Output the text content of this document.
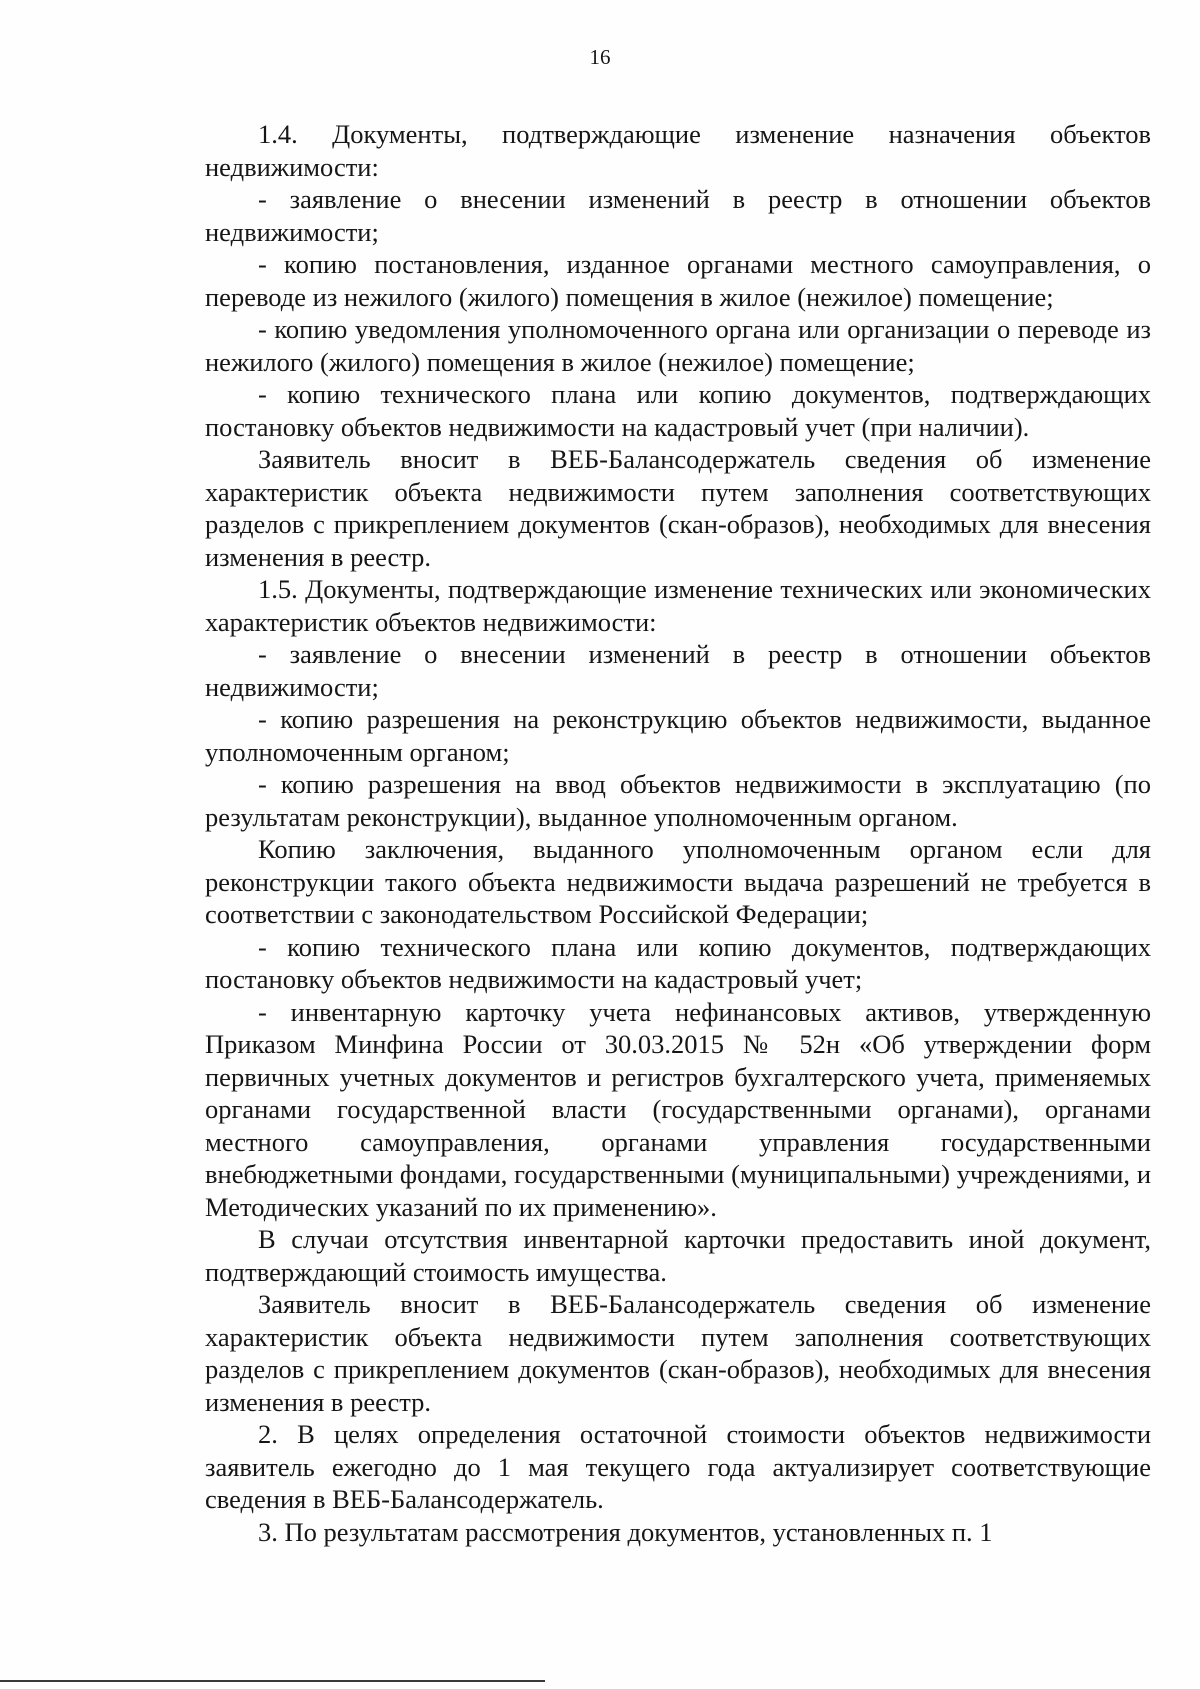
16

1.4. Документы, подтверждающие изменение назначения объектов недвижимости:

- заявление о внесении изменений в реестр в отношении объектов недвижимости;

- копию постановления, изданное органами местного самоуправления, о переводе из нежилого (жилого) помещения в жилое (нежилое) помещение;

- копию уведомления уполномоченного органа или организации о переводе из нежилого (жилого) помещения в жилое (нежилое) помещение;

- копию технического плана или копию документов, подтверждающих постановку объектов недвижимости на кадастровый учет (при наличии).

Заявитель вносит в ВЕБ-Балансодержатель сведения об изменение характеристик объекта недвижимости путем заполнения соответствующих разделов с прикреплением документов (скан-образов), необходимых для внесения изменения в реестр.

1.5. Документы, подтверждающие изменение технических или экономических характеристик объектов недвижимости:

- заявление о внесении изменений в реестр в отношении объектов недвижимости;

- копию разрешения на реконструкцию объектов недвижимости, выданное уполномоченным органом;

- копию разрешения на ввод объектов недвижимости в эксплуатацию (по результатам реконструкции), выданное уполномоченным органом.

Копию заключения, выданного уполномоченным органом если для реконструкции такого объекта недвижимости выдача разрешений не требуется в соответствии с законодательством Российской Федерации;

- копию технического плана или копию документов, подтверждающих постановку объектов недвижимости на кадастровый учет;

- инвентарную карточку учета нефинансовых активов, утвержденную Приказом Минфина России от 30.03.2015 № 52н «Об утверждении форм первичных учетных документов и регистров бухгалтерского учета, применяемых органами государственной власти (государственными органами), органами местного самоуправления, органами управления государственными внебюджетными фондами, государственными (муниципальными) учреждениями, и Методических указаний по их применению».

В случаи отсутствия инвентарной карточки предоставить иной документ, подтверждающий стоимость имущества.

Заявитель вносит в ВЕБ-Балансодержатель сведения об изменение характеристик объекта недвижимости путем заполнения соответствующих разделов с прикреплением документов (скан-образов), необходимых для внесения изменения в реестр.

2. В целях определения остаточной стоимости объектов недвижимости заявитель ежегодно до 1 мая текущего года актуализирует соответствующие сведения в ВЕБ-Балансодержатель.

3. По результатам рассмотрения документов, установленных п. 1
